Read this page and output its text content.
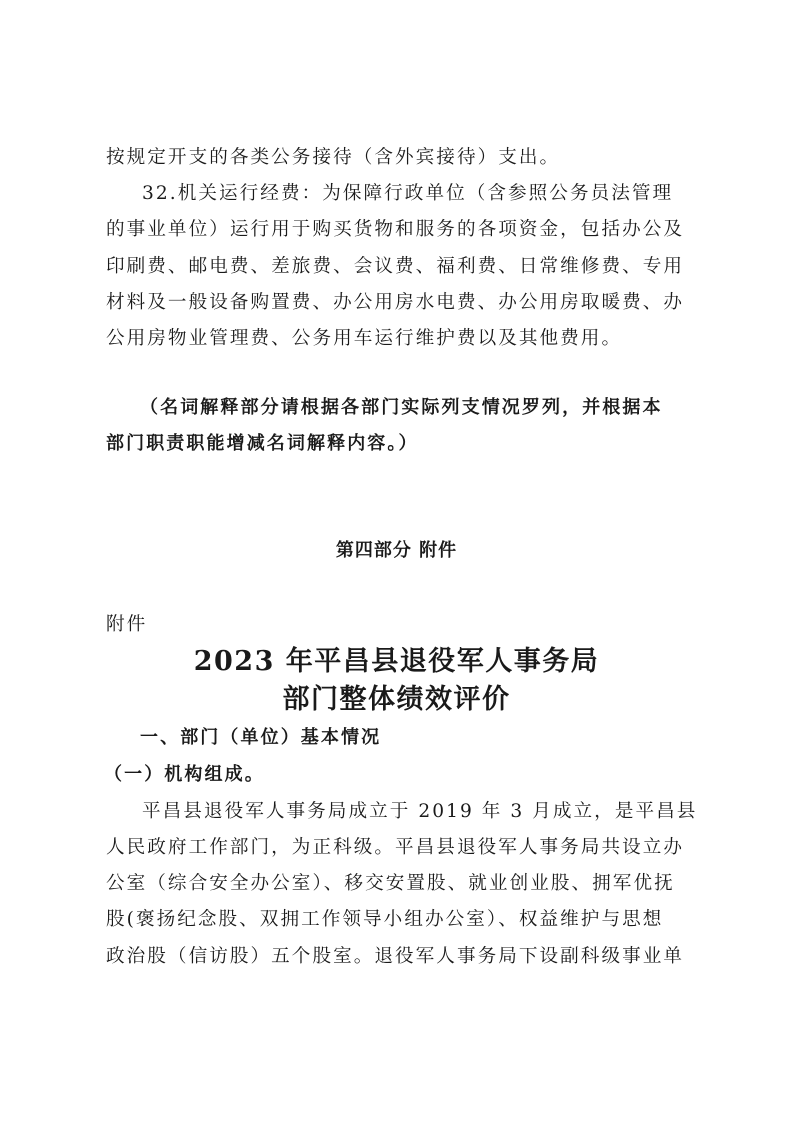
按规定开支的各类公务接待（含外宾接待）支出。
32.机关运行经费：为保障行政单位（含参照公务员法管理
的事业单位）运行用于购买货物和服务的各项资金，包括办公及
印刷费、邮电费、差旅费、会议费、福利费、日常维修费、专用
材料及一般设备购置费、办公用房水电费、办公用房取暖费、办
公用房物业管理费、公务用车运行维护费以及其他费用。
（名词解释部分请根据各部门实际列支情况罗列，并根据本
部门职责职能增减名词解释内容。）
第四部分 附件
附件
2023 年平昌县退役军人事务局
部门整体绩效评价
一、部门（单位）基本情况
（一）机构组成。
平昌县退役军人事务局成立于 2019 年 3 月成立，是平昌县
人民政府工作部门，为正科级。平昌县退役军人事务局共设立办
公室（综合安全办公室）、移交安置股、就业创业股、拥军优抚
股(褒扬纪念股、双拥工作领导小组办公室）、权益维护与思想
政治股（信访股）五个股室。退役军人事务局下设副科级事业单
